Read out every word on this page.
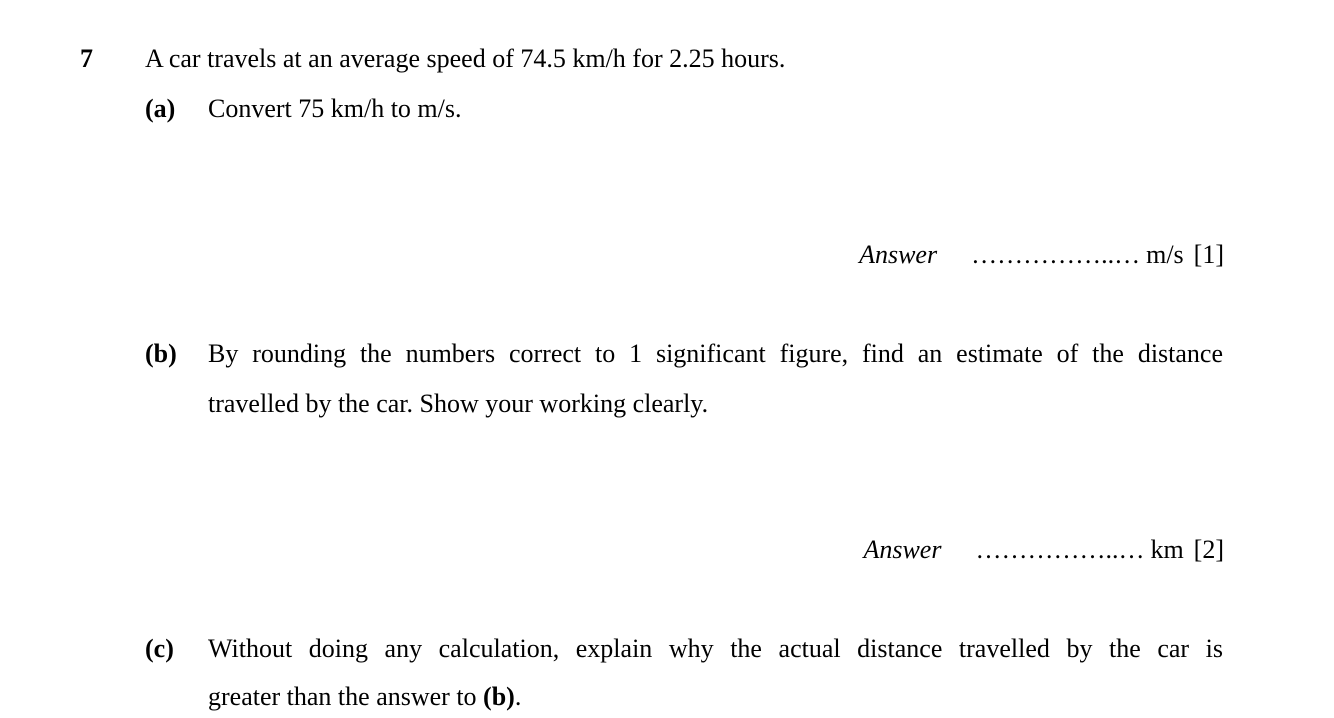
7 A car travels at an average speed of 74.5 km/h for 2.25 hours.
(a) Convert 75 km/h to m/s.
Answer ……………..… m/s [1]
(b) By rounding the numbers correct to 1 significant figure, find an estimate of the distance
travelled by the car. Show your working clearly.
Answer ……………..… km [2]
(c) Without doing any calculation, explain why the actual distance travelled by the car is
greater than the answer to (b).
